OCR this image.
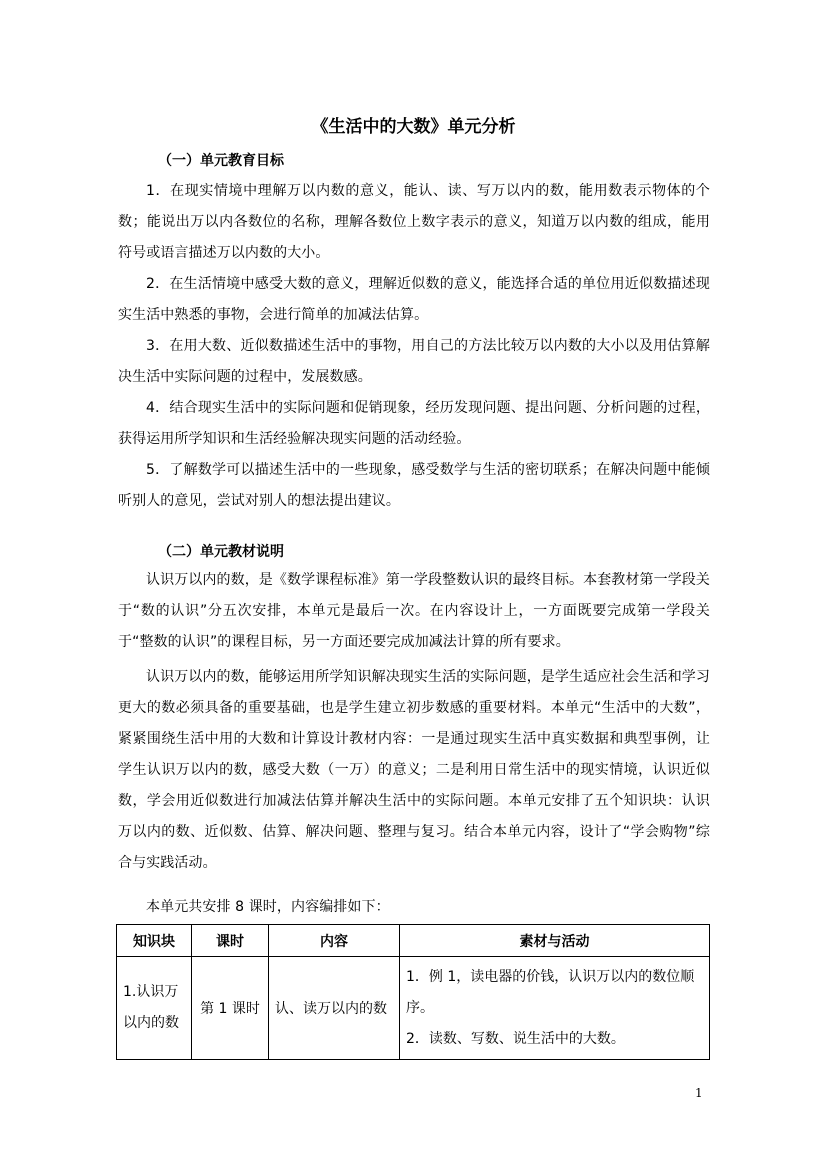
《生活中的大数》单元分析
（一）单元教育目标

1．在现实情境中理解万以内数的意义，能认、读、写万以内的数，能用数表示物体的个数；能说出万以内各数位的名称，理解各数位上数字表示的意义，知道万以内数的组成，能用符号或语言描述万以内数的大小。

2．在生活情境中感受大数的意义，理解近似数的意义，能选择合适的单位用近似数描述现实生活中熟悉的事物，会进行简单的加减法估算。

3．在用大数、近似数描述生活中的事物，用自己的方法比较万以内数的大小以及用估算解决生活中实际问题的过程中，发展数感。

4．结合现实生活中的实际问题和促销现象，经历发现问题、提出问题、分析问题的过程，获得运用所学知识和生活经验解决现实问题的活动经验。

5．了解数学可以描述生活中的一些现象，感受数学与生活的密切联系；在解决问题中能倾听别人的意见，尝试对别人的想法提出建议。

（二）单元教材说明

认识万以内的数，是《数学课程标准》第一学段整数认识的最终目标。本套教材第一学段关于“数的认识”分五次安排，本单元是最后一次。在内容设计上，一方面既要完成第一学段关于“整数的认识”的课程目标，另一方面还要完成加减法计算的所有要求。

认识万以内的数，能够运用所学知识解决现实生活的实际问题，是学生适应社会生活和学习更大的数必须具备的重要基础，也是学生建立初步数感的重要材料。本单元“生活中的大数”，紧紧围绕生活中用的大数和计算设计教材内容：一是通过现实生活中真实数据和典型事例，让学生认识万以内的数，感受大数（一万）的意义；二是利用日常生活中的现实情境，认识近似数，学会用近似数进行加减法估算并解决生活中的实际问题。本单元安排了五个知识块：认识万以内的数、近似数、估算、解决问题、整理与复习。结合本单元内容，设计了“学会购物”综合与实践活动。

本单元共安排 8 课时，内容编排如下：

知识块	课时	内容	素材与活动
1.认识万以内的数	第 1 课时	认、读万以内的数	1．例 1，读电器的价钱，认识万以内的数位顺序。
2．读数、写数、说生活中的大数。
1
